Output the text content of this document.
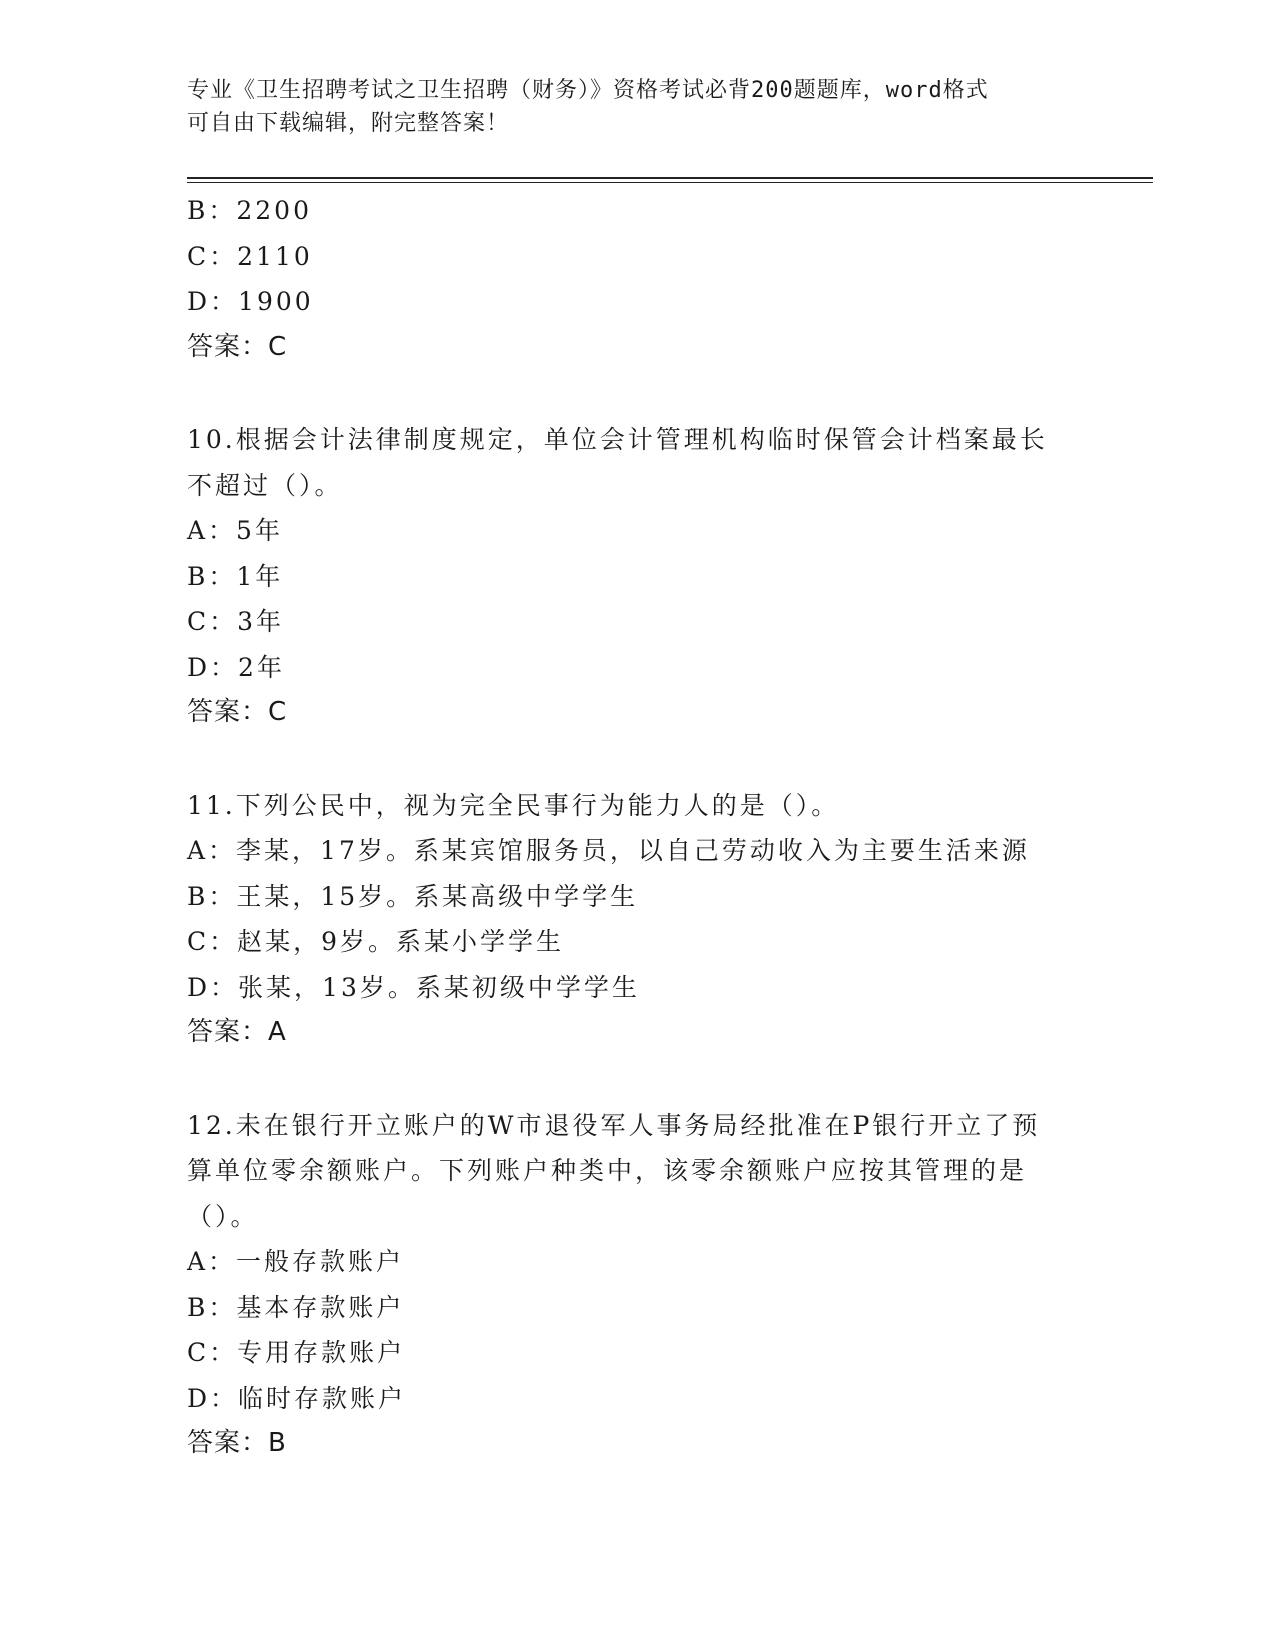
专业《卫生招聘考试之卫生招聘（财务）》资格考试必背200题题库，word格式
可自由下载编辑，附完整答案！
B：2200
C：2110
D：1900
答案：C
10.根据会计法律制度规定，单位会计管理机构临时保管会计档案最长
不超过（）。
A：5年
B：1年
C：3年
D：2年
答案：C
11.下列公民中，视为完全民事行为能力人的是（）。
A：李某，17岁。系某宾馆服务员，以自己劳动收入为主要生活来源
B：王某，15岁。系某高级中学学生
C：赵某，9岁。系某小学学生
D：张某，13岁。系某初级中学学生
答案：A
12.未在银行开立账户的W市退役军人事务局经批准在P银行开立了预
算单位零余额账户。下列账户种类中，该零余额账户应按其管理的是
（）。
A：一般存款账户
B：基本存款账户
C：专用存款账户
D：临时存款账户
答案：B
